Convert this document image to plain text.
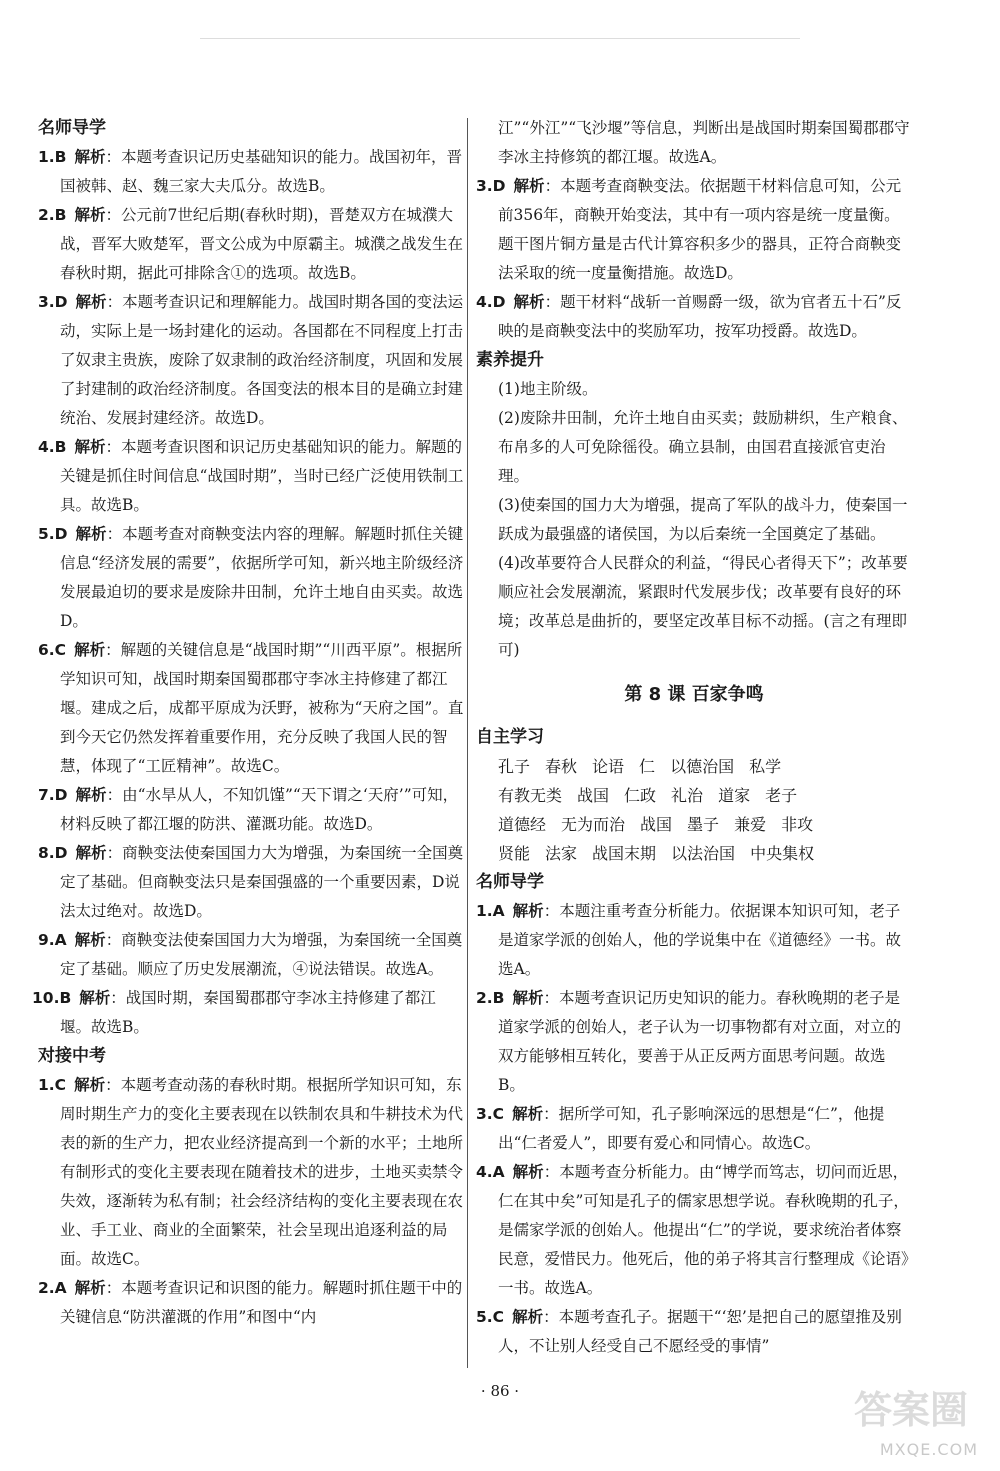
名师导学
1.B 解析：本题考查识记历史基础知识的能力。战国初年，晋国被韩、赵、魏三家大夫瓜分。故选B。
2.B 解析：公元前7世纪后期(春秋时期)，晋楚双方在城濮大战，晋军大败楚军，晋文公成为中原霸主。城濮之战发生在春秋时期，据此可排除含①的选项。故选B。
3.D 解析：本题考查识记和理解能力。战国时期各国的变法运动，实际上是一场封建化的运动。各国都在不同程度上打击了奴隶主贵族，废除了奴隶制的政治经济制度，巩固和发展了封建制的政治经济制度。各国变法的根本目的是确立封建统治、发展封建经济。故选D。
4.B 解析：本题考查识图和识记历史基础知识的能力。解题的关键是抓住时间信息“战国时期”，当时已经广泛使用铁制工具。故选B。
5.D 解析：本题考查对商鞅变法内容的理解。解题时抓住关键信息“经济发展的需要”，依据所学可知，新兴地主阶级经济发展最迫切的要求是废除井田制，允许土地自由买卖。故选D。
6.C 解析：解题的关键信息是“战国时期”“川西平原”。根据所学知识可知，战国时期秦国蜀郡郡守李冰主持修建了都江堰。建成之后，成都平原成为沃野，被称为“天府之国”。直到今天它仍然发挥着重要作用，充分反映了我国人民的智慧，体现了“工匠精神”。故选C。
7.D 解析：由“水旱从人，不知饥馑”“天下谓之‘天府’”可知，材料反映了都江堰的防洪、灌溉功能。故选D。
8.D 解析：商鞅变法使秦国国力大为增强，为秦国统一全国奠定了基础。但商鞅变法只是秦国强盛的一个重要因素，D说法太过绝对。故选D。
9.A 解析：商鞅变法使秦国国力大为增强，为秦国统一全国奠定了基础。顺应了历史发展潮流，④说法错误。故选A。
10.B 解析：战国时期，秦国蜀郡郡守李冰主持修建了都江堰。故选B。
对接中考
1.C 解析：本题考查动荡的春秋时期。根据所学知识可知，东周时期生产力的变化主要表现在以铁制农具和牛耕技术为代表的新的生产力，把农业经济提高到一个新的水平；土地所有制形式的变化主要表现在随着技术的进步，土地买卖禁令失效，逐渐转为私有制；社会经济结构的变化主要表现在农业、手工业、商业的全面繁荣，社会呈现出追逐利益的局面。故选C。
2.A 解析：本题考查识记和识图的能力。解题时抓住题干中的关键信息“防洪灌溉的作用”和图中“内
江”“外江”“飞沙堰”等信息，判断出是战国时期秦国蜀郡郡守李冰主持修筑的都江堰。故选A。
3.D 解析：本题考查商鞅变法。依据题干材料信息可知，公元前356年，商鞅开始变法，其中有一项内容是统一度量衡。题干图片铜方量是古代计算容积多少的器具，正符合商鞅变法采取的统一度量衡措施。故选D。
4.D 解析：题干材料“战斩一首赐爵一级，欲为官者五十石”反映的是商鞅变法中的奖励军功，按军功授爵。故选D。
素养提升
(1)地主阶级。
(2)废除井田制，允许土地自由买卖；鼓励耕织，生产粮食、布帛多的人可免除徭役。确立县制，由国君直接派官吏治理。
(3)使秦国的国力大为增强，提高了军队的战斗力，使秦国一跃成为最强盛的诸侯国，为以后秦统一全国奠定了基础。
(4)改革要符合人民群众的利益，“得民心者得天下”；改革要顺应社会发展潮流，紧跟时代发展步伐；改革要有良好的环境；改革总是曲折的，要坚定改革目标不动摇。(言之有理即可)
第 8 课 百家争鸣
自主学习
孔子 春秋 论语 仁 以德治国 私学
有教无类 战国 仁政 礼治 道家 老子
道德经 无为而治 战国 墨子 兼爱 非攻
贤能 法家 战国末期 以法治国 中央集权
名师导学
1.A 解析：本题注重考查分析能力。依据课本知识可知，老子是道家学派的创始人，他的学说集中在《道德经》一书。故选A。
2.B 解析：本题考查识记历史知识的能力。春秋晚期的老子是道家学派的创始人，老子认为一切事物都有对立面，对立的双方能够相互转化，要善于从正反两方面思考问题。故选B。
3.C 解析：据所学可知，孔子影响深远的思想是“仁”，他提出“仁者爱人”，即要有爱心和同情心。故选C。
4.A 解析：本题考查分析能力。由“博学而笃志，切问而近思，仁在其中矣”可知是孔子的儒家思想学说。春秋晚期的孔子，是儒家学派的创始人。他提出“仁”的学说，要求统治者体察民意，爱惜民力。他死后，他的弟子将其言行整理成《论语》一书。故选A。
5.C 解析：本题考查孔子。据题干“‘恕’是把自己的愿望推及别人，不让别人经受自己不愿经受的事情”
· 86 ·	答案圈
MXQE.COM
